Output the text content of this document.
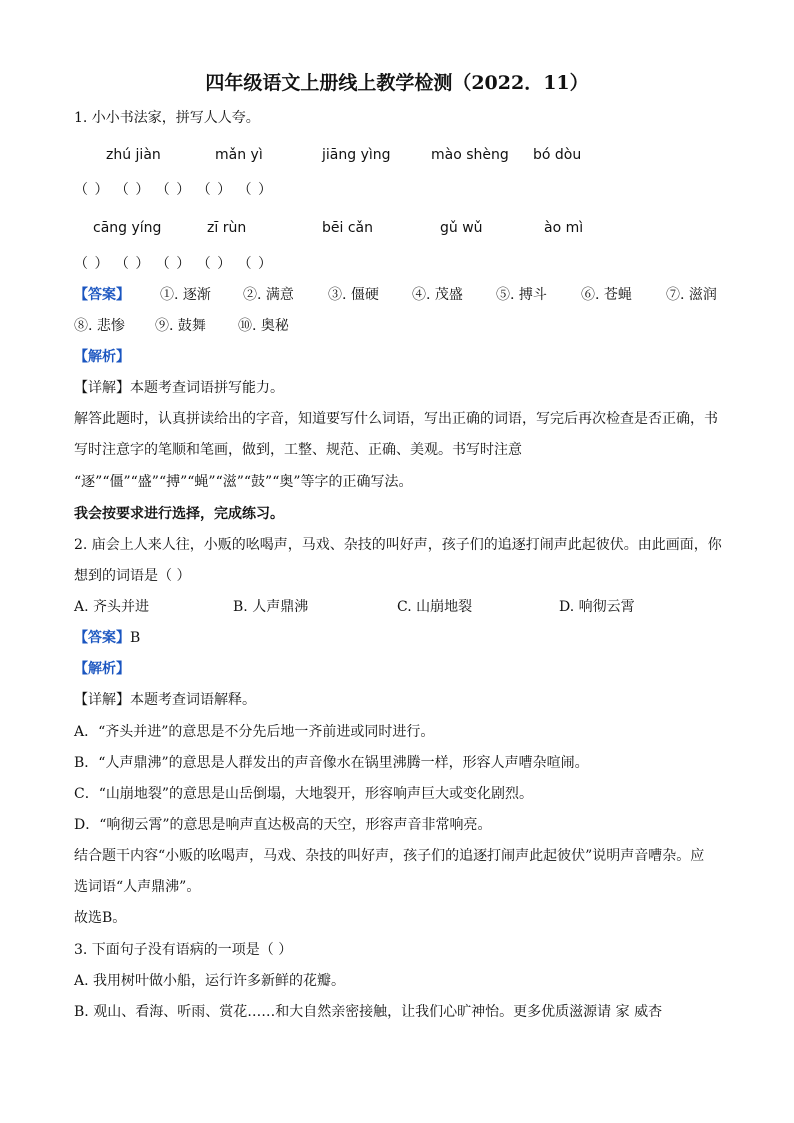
四年级语文上册线上教学检测（2022．11）
1. 小小书法家，拼写人人夸。
zhú jiàn	mǎn yì	jiāng yìng	mào shèng bó dòu
（ ） （ ） （ ） （ ） （ ）
cāng yíng	zī rùn	bēi cǎn	gǔ wǔ	ào mì
（ ） （ ） （ ） （ ） （ ）
【答案】 ①. 逐渐 ②. 满意 ③. 僵硬 ④. 茂盛 ⑤. 搏斗 ⑥. 苍蝇 ⑦. 滋润
⑧. 悲惨 ⑨. 鼓舞 ⑩. 奥秘
【解析】
【详解】本题考查词语拼写能力。
解答此题时，认真拼读给出的字音，知道要写什么词语，写出正确的词语，写完后再次检查是否正确，书
写时注意字的笔顺和笔画，做到，工整、规范、正确、美观。书写时注意
“逐”“僵”“盛”“搏”“蝇”“滋”“鼓”“奥”等字的正确写法。
我会按要求进行选择，完成练习。
2. 庙会上人来人往，小贩的吆喝声，马戏、杂技的叫好声，孩子们的追逐打闹声此起彼伏。由此画面，你
想到的词语是（ ）
A. 齐头并进	B. 人声鼎沸	C. 山崩地裂	D. 响彻云霄
【答案】B
【解析】
【详解】本题考查词语解释。
A．“齐头并进”的意思是不分先后地一齐前进或同时进行。
B．“人声鼎沸”的意思是人群发出的声音像水在锅里沸腾一样，形容人声嘈杂喧闹。
C．“山崩地裂”的意思是山岳倒塌，大地裂开，形容响声巨大或变化剧烈。
D．“响彻云霄”的意思是响声直达极高的天空，形容声音非常响亮。
结合题干内容“小贩的吆喝声，马戏、杂技的叫好声，孩子们的追逐打闹声此起彼伏”说明声音嘈杂。应
选词语“人声鼎沸”。
故选B。
3. 下面句子没有语病的一项是（ ）
A. 我用树叶做小船，运行许多新鲜的花瓣。
B. 观山、看海、听雨、赏花……和大自然亲密接触，让我们心旷神怡。更多优质滋源请 家 威杏
